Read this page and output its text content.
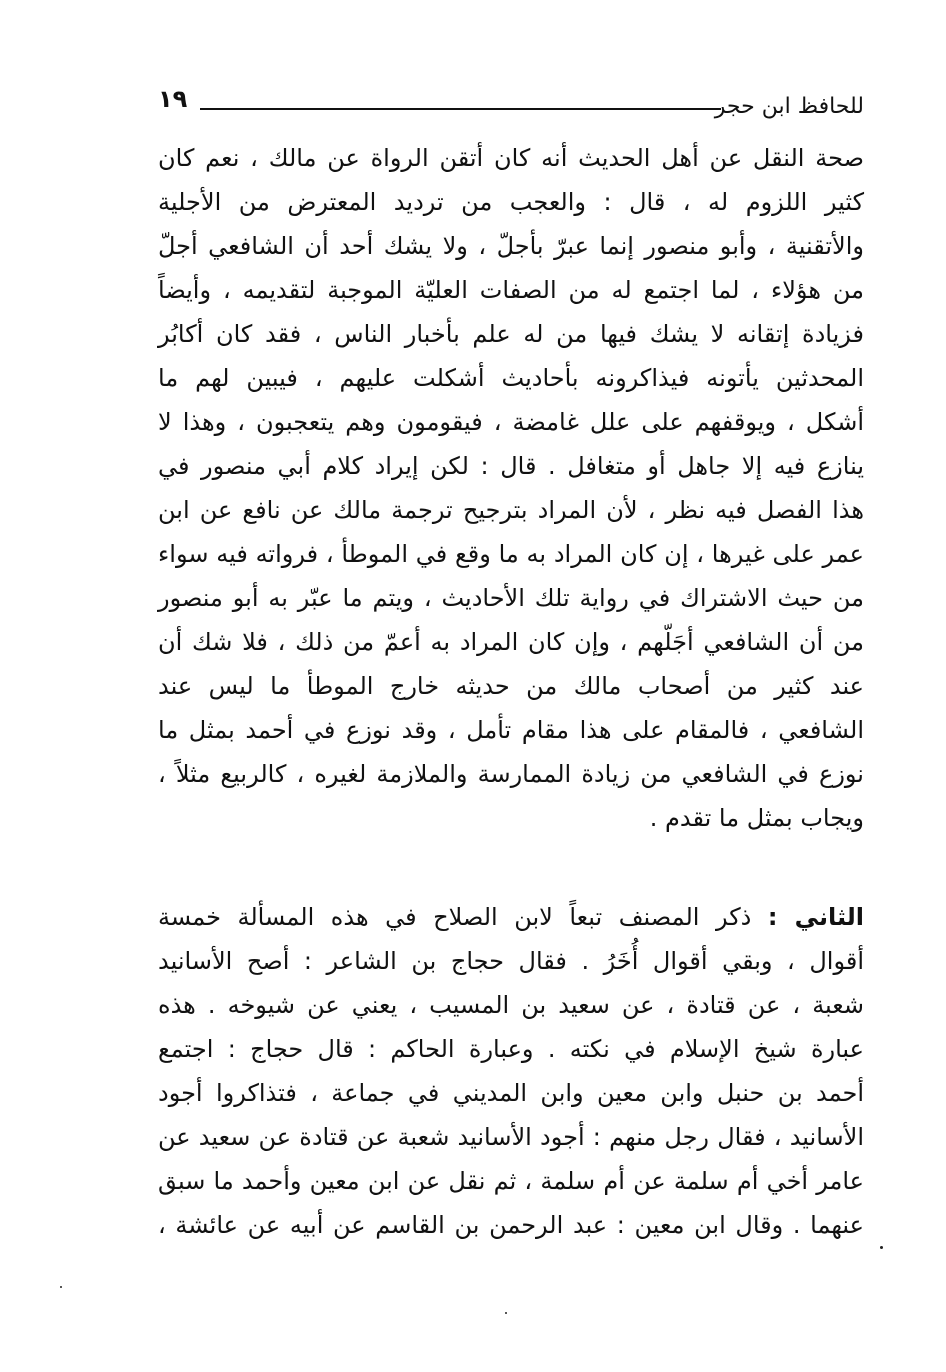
للحافظ ابن حجر
١٩
صحة النقل عن أهل الحديث أنه كان أتقن الرواة عن مالك ، نعم كان
كثير اللزوم له ، قال : والعجب من ترديد المعترض من الأجلية
والأتقنية ، وأبو منصور إنما عبرّ بأجلّ ، ولا يشك أحد أن الشافعي أجلّ
من هؤلاء ، لما اجتمع له من الصفات العليّة الموجبة لتقديمه ، وأيضاً
فزيادة إتقانه لا يشك فيها من له علم بأخبار الناس ، فقد كان أكابُر
المحدثين يأتونه فيذاكرونه بأحاديث أشكلت عليهم ، فيبين لهم ما
أشكل ، ويوقفهم على علل غامضة ، فيقومون وهم يتعجبون ، وهذا لا
ينازع فيه إلا جاهل أو متغافل . قال : لكن إيراد كلام أبي منصور في
هذا الفصل فيه نظر ، لأن المراد بترجيح ترجمة مالك عن نافع عن ابن
عمر على غيرها ، إن كان المراد به ما وقع في الموطأ ، فرواته فيه سواء
من حيث الاشتراك في رواية تلك الأحاديث ، ويتم ما عبّر به أبو منصور
من أن الشافعي أجَلّهم ، وإن كان المراد به أعمّ من ذلك ، فلا شك أن
عند كثير من أصحاب مالك من حديثه خارج الموطأ ما ليس عند
الشافعي ، فالمقام على هذا مقام تأمل ، وقد نوزع في أحمد بمثل ما
نوزع في الشافعي من زيادة الممارسة والملازمة لغيره ، كالربيع مثلاً ،
ويجاب بمثل ما تقدم .
الثاني : ذكر المصنف تبعاً لابن الصلاح في هذه المسألة خمسة
أقوال ، وبقي أقوال أُخَرُ . فقال حجاج بن الشاعر : أصح الأسانيد
شعبة ، عن قتادة ، عن سعيد بن المسيب ، يعني عن شيوخه . هذه
عبارة شيخ الإسلام في نكته . وعبارة الحاكم : قال حجاج : اجتمع
أحمد بن حنبل وابن معين وابن المديني في جماعة ، فتذاكروا أجود
الأسانيد ، فقال رجل منهم : أجود الأسانيد شعبة عن قتادة عن سعيد عن
عامر أخي أم سلمة عن أم سلمة ، ثم نقل عن ابن معين وأحمد ما سبق
عنهما . وقال ابن معين : عبد الرحمن بن القاسم عن أبيه عن عائشة ،
